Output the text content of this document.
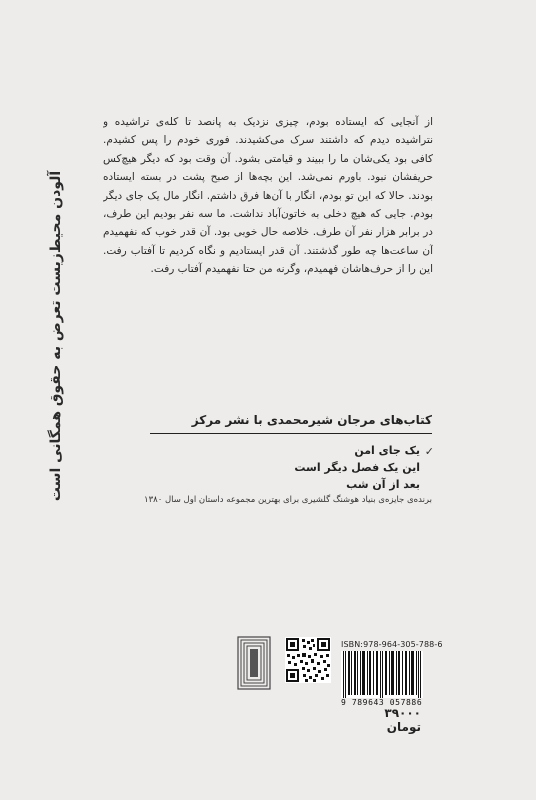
از آنجایی که ایستاده بودم، چیزی نزدیک به پانصد تا کله‌ی تراشیده و
نتراشیده دیدم که داشتند سرک می‌کشیدند. فوری خودم را پس کشیدم.
کافی بود یکی‌شان ما را ببیند و قیامتی بشود. آن وقت بود که دیگر هیچ‌کس
حریفشان نبود. باورم نمی‌شد. این بچه‌ها از صبح پشت در بسته ایستاده
بودند. حالا که این تو بودم، انگار با آن‌ها فرق داشتم. انگار مال یک جای دیگر
بودم. جایی که هیچ دخلی به خاتون‌آباد نداشت. ما سه نفر بودیم این طرف،
در برابر هزار نفر آن طرف. خلاصه حال خوبی بود. آن قدر خوب که نفهمیدم
آن ساعت‌ها چه طور گذشتند. آن قدر ایستادیم و نگاه کردیم تا آفتاب رفت.
این را از حرف‌هاشان فهمیدم، وگرنه من حتا نفهمیدم آفتاب رفت.
آلودن محیط‌زیست تعرض به حقوق همگانی است	کتاب‌های مرجان شیرمحمدی با نشر مرکز
✓
یک جای امن
این یک فصل دیگر است
بعد از آن شب
برنده‌ی جایزه‌ی بنیاد هوشنگ گلشیری برای بهترین مجموعه داستان اول سال ۱۳۸۰
ISBN:978-964-305-788-6
9 789643 057886
۳۹۰۰۰ تومان
